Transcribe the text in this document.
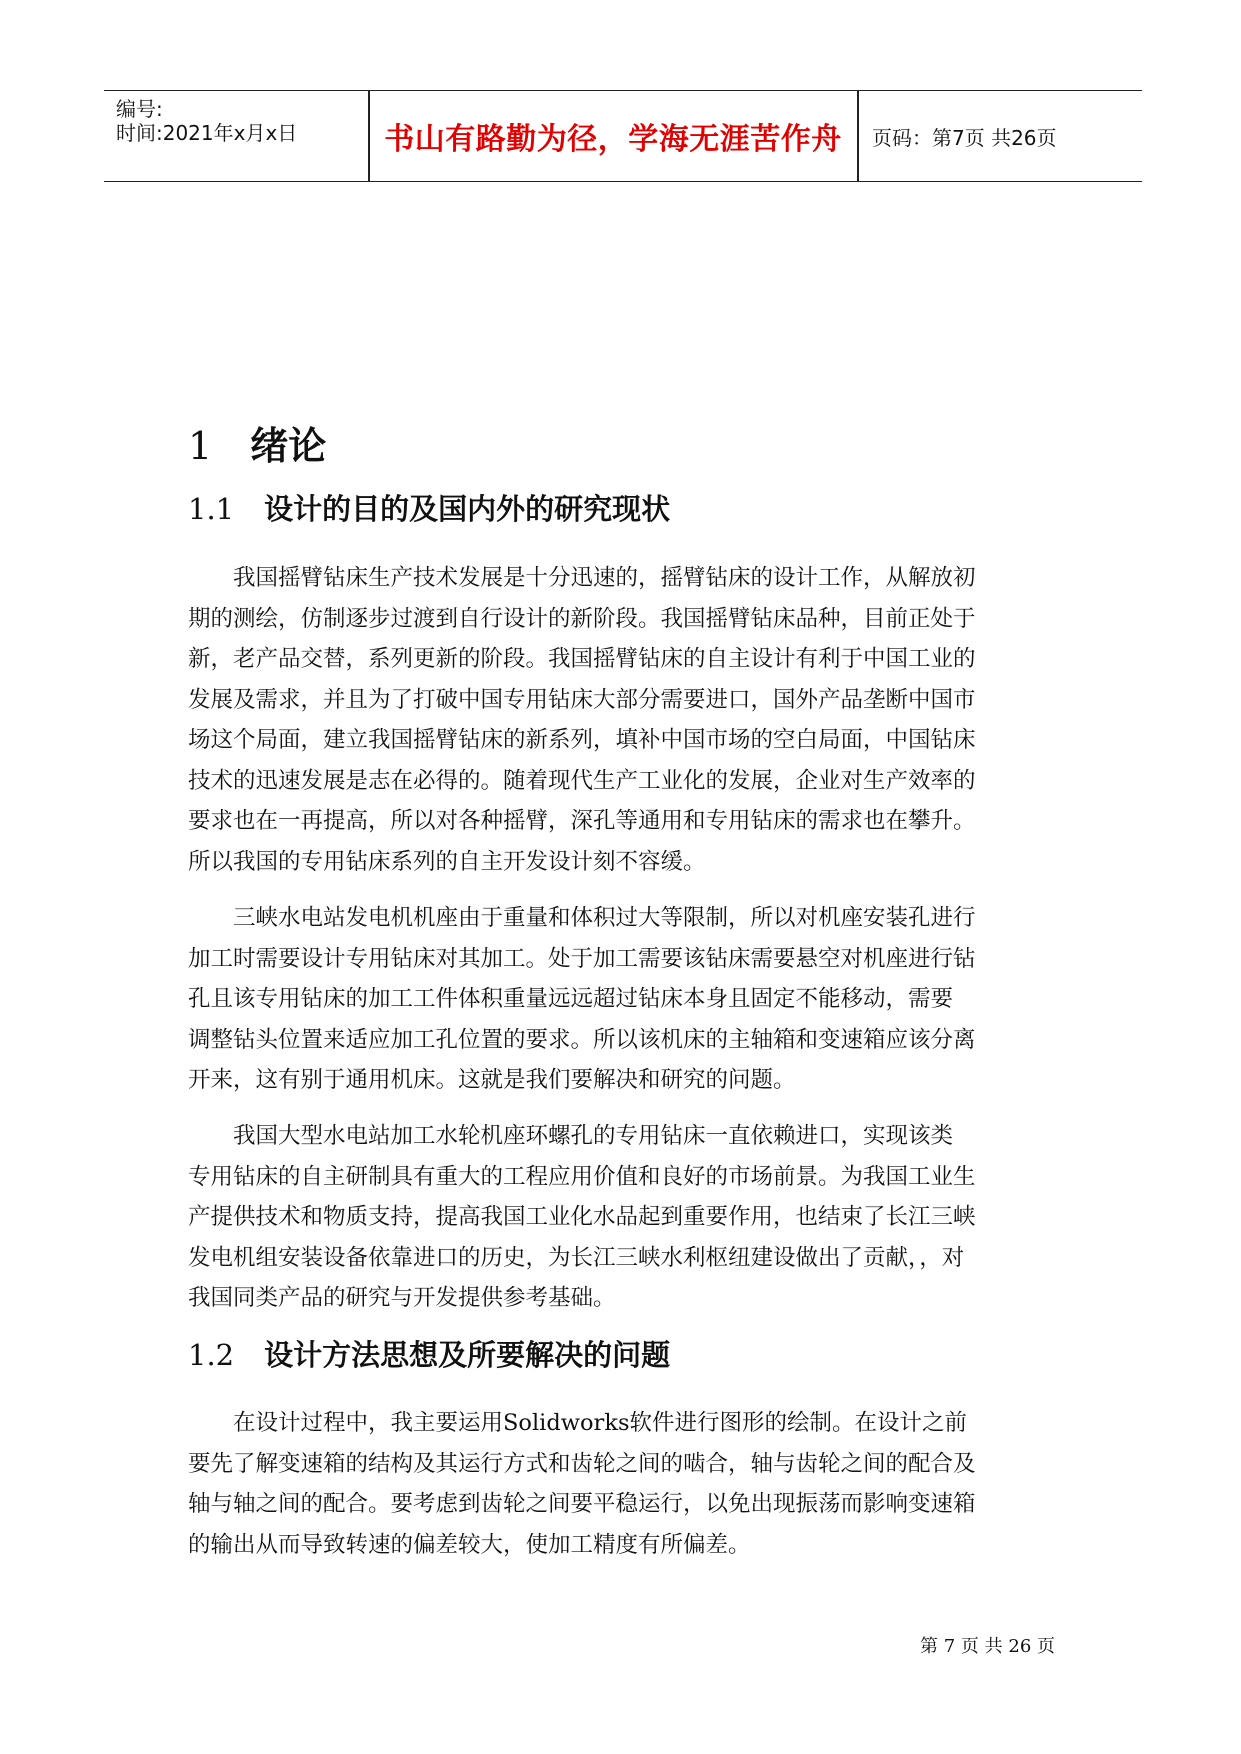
编号:
时间:2021年x月x日	书山有路勤为径，学海无涯苦作舟	页码：第7页 共26页
1 绪论
1.1 设计的目的及国内外的研究现状
我国摇臂钻床生产技术发展是十分迅速的，摇臂钻床的设计工作，从解放初
期的测绘，仿制逐步过渡到自行设计的新阶段。我国摇臂钻床品种，目前正处于
新，老产品交替，系列更新的阶段。我国摇臂钻床的自主设计有利于中国工业的
发展及需求，并且为了打破中国专用钻床大部分需要进口，国外产品垄断中国市
场这个局面，建立我国摇臂钻床的新系列，填补中国市场的空白局面，中国钻床
技术的迅速发展是志在必得的。随着现代生产工业化的发展，企业对生产效率的
要求也在一再提高，所以对各种摇臂，深孔等通用和专用钻床的需求也在攀升。
所以我国的专用钻床系列的自主开发设计刻不容缓。
三峡水电站发电机机座由于重量和体积过大等限制，所以对机座安装孔进行
加工时需要设计专用钻床对其加工。处于加工需要该钻床需要悬空对机座进行钻
孔且该专用钻床的加工工件体积重量远远超过钻床本身且固定不能移动，需要
调整钻头位置来适应加工孔位置的要求。所以该机床的主轴箱和变速箱应该分离
开来，这有别于通用机床。这就是我们要解决和研究的问题。
我国大型水电站加工水轮机座环螺孔的专用钻床一直依赖进口，实现该类
专用钻床的自主研制具有重大的工程应用价值和良好的市场前景。为我国工业生
产提供技术和物质支持，提高我国工业化水品起到重要作用，也结束了长江三峡
发电机组安装设备依靠进口的历史，为长江三峡水利枢纽建设做出了贡献，，对
我国同类产品的研究与开发提供参考基础。
1.2 设计方法思想及所要解决的问题
在设计过程中，我主要运用Solidworks软件进行图形的绘制。在设计之前
要先了解变速箱的结构及其运行方式和齿轮之间的啮合，轴与齿轮之间的配合及
轴与轴之间的配合。要考虑到齿轮之间要平稳运行，以免出现振荡而影响变速箱
的输出从而导致转速的偏差较大，使加工精度有所偏差。
第 7 页 共 26 页
